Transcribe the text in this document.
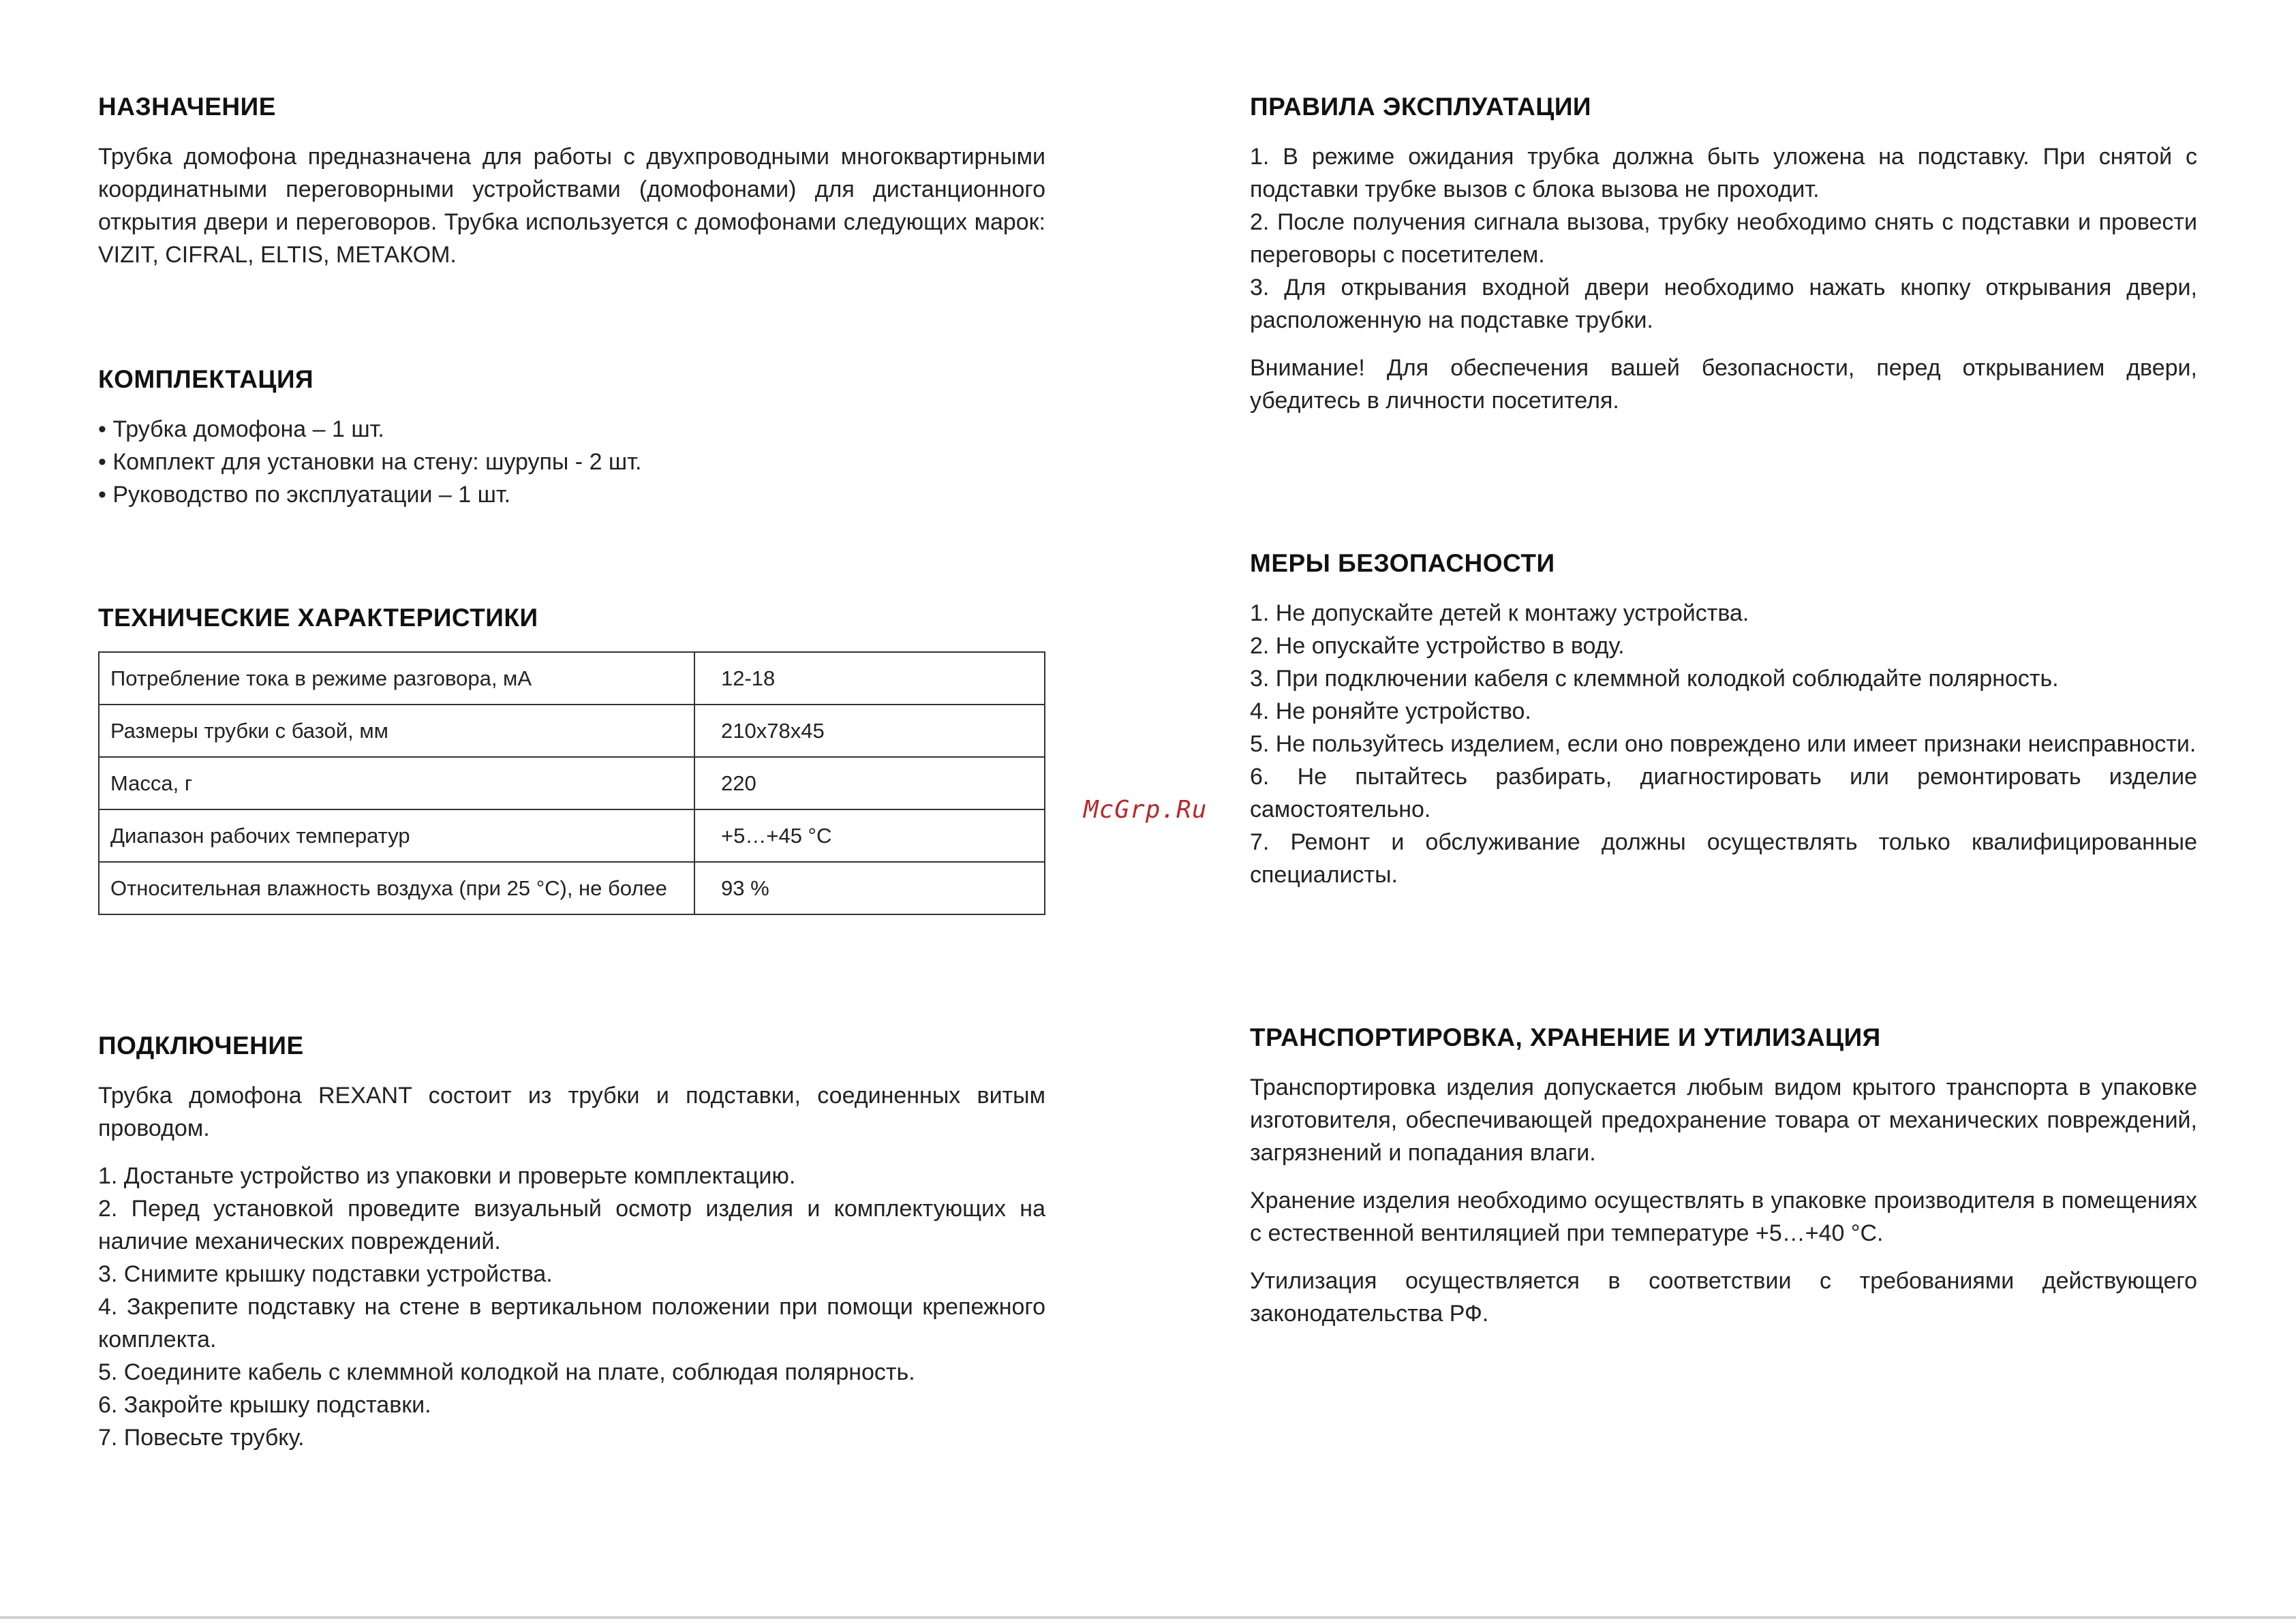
НАЗНАЧЕНИЕ

Трубка домофона предназначена для работы с двухпроводными многоквартирными координатными переговорными устройствами (домофонами) для дистанционного открытия двери и переговоров. Трубка используется с домофонами следующих марок: VIZIT, CIFRAL, ELTIS, МЕТАКОМ.

КОМПЛЕКТАЦИЯ
• Трубка домофона – 1 шт.
• Комплект для установки на стену: шурупы - 2 шт.
• Руководство по эксплуатации – 1 шт.
ТЕХНИЧЕСКИЕ ХАРАКТЕРИСТИКИ
Потребление тока в режиме разговора, мА	12-18
Размеры трубки с базой, мм	210x78x45
Масса, г	220
Диапазон рабочих температур	+5…+45 °С
Относительная влажность воздуха (при 25 °С), не более	93 %
ПОДКЛЮЧЕНИЕ

Трубка домофона REXANT состоит из трубки и подставки, соединенных витым проводом.

1. Достаньте устройство из упаковки и проверьте комплектацию.

2. Перед установкой проведите визуальный осмотр изделия и комплектующих на наличие механических повреждений.

3. Снимите крышку подставки устройства.

4. Закрепите подставку на стене в вертикальном положении при помощи крепежного комплекта.

5. Соедините кабель с клеммной колодкой на плате, соблюдая полярность.

6. Закройте крышку подставки.

7. Повесьте трубку.

McGrp.Ru
ПРАВИЛА ЭКСПЛУАТАЦИИ

1. В режиме ожидания трубка должна быть уложена на подставку. При снятой с подставки трубке вызов с блока вызова не проходит.

2. После получения сигнала вызова, трубку необходимо снять с подставки и провести переговоры с посетителем.

3. Для открывания входной двери необходимо нажать кнопку открывания двери, расположенную на подставке трубки.

Внимание! Для обеспечения вашей безопасности, перед открыванием двери, убедитесь в личности посетителя.

МЕРЫ БЕЗОПАСНОСТИ

1. Не допускайте детей к монтажу устройства.

2. Не опускайте устройство в воду.

3. При подключении кабеля с клеммной колодкой соблюдайте полярность.

4. Не роняйте устройство.

5. Не пользуйтесь изделием, если оно повреждено или имеет признаки неисправности.

6. Не пытайтесь разбирать, диагностировать или ремонтировать изделие самостоятельно.

7. Ремонт и обслуживание должны осуществлять только квалифицированные специалисты.

ТРАНСПОРТИРОВКА, ХРАНЕНИЕ И УТИЛИЗАЦИЯ

Транспортировка изделия допускается любым видом крытого транспорта в упаковке изготовителя, обеспечивающей предохранение товара от механических повреждений, загрязнений и попадания влаги.

Хранение изделия необходимо осуществлять в упаковке производителя в помещениях с естественной вентиляцией при температуре +5…+40 °С.

Утилизация осуществляется в соответствии с требованиями действующего законодательства РФ.
